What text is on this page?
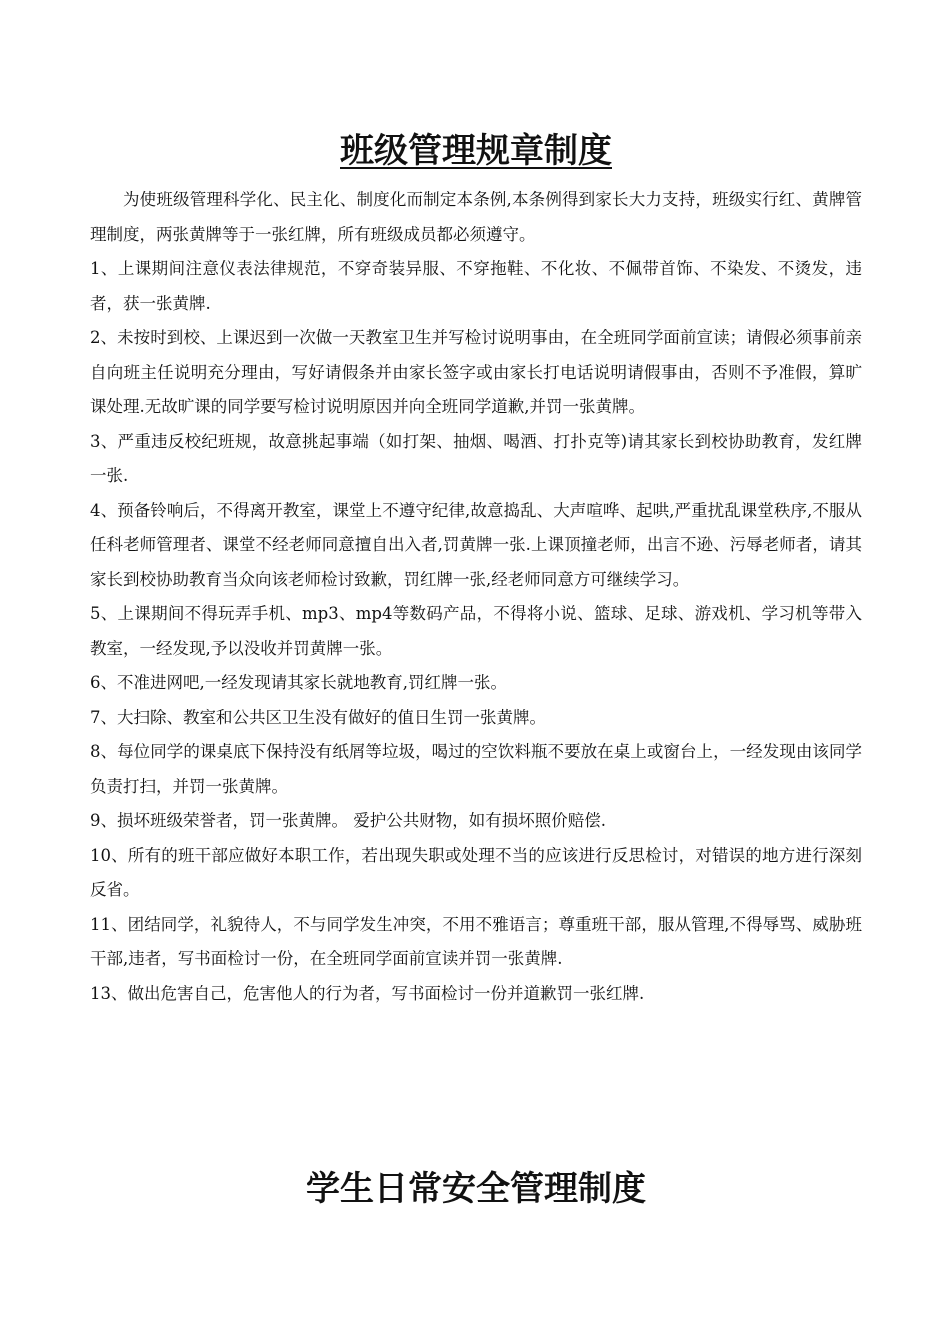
班级管理规章制度

为使班级管理科学化、民主化、制度化而制定本条例,本条例得到家长大力支持，班级实行红、黄牌管理制度，两张黄牌等于一张红牌，所有班级成员都必须遵守。

1、上课期间注意仪表法律规范，不穿奇装异服、不穿拖鞋、不化妆、不佩带首饰、不染发、不烫发，违者，获一张黄牌.

2、未按时到校、上课迟到一次做一天教室卫生并写检讨说明事由，在全班同学面前宣读；请假必须事前亲自向班主任说明充分理由，写好请假条并由家长签字或由家长打电话说明请假事由，否则不予准假，算旷课处理.无故旷课的同学要写检讨说明原因并向全班同学道歉,并罚一张黄牌。

3、严重违反校纪班规，故意挑起事端（如打架、抽烟、喝酒、打扑克等)请其家长到校协助教育，发红牌一张.

4、预备铃响后，不得离开教室，课堂上不遵守纪律,故意捣乱、大声喧哗、起哄,严重扰乱课堂秩序,不服从任科老师管理者、课堂不经老师同意擅自出入者,罚黄牌一张.上课顶撞老师，出言不逊、污辱老师者，请其家长到校协助教育当众向该老师检讨致歉，罚红牌一张,经老师同意方可继续学习。

5、上课期间不得玩弄手机、mp3、mp4等数码产品，不得将小说、篮球、足球、游戏机、学习机等带入教室，一经发现,予以没收并罚黄牌一张。

6、不准进网吧,一经发现请其家长就地教育,罚红牌一张。

7、大扫除、教室和公共区卫生没有做好的值日生罚一张黄牌。

8、每位同学的课桌底下保持没有纸屑等垃圾，喝过的空饮料瓶不要放在桌上或窗台上，一经发现由该同学负责打扫，并罚一张黄牌。

9、损坏班级荣誉者，罚一张黄牌。 爱护公共财物，如有损坏照价赔偿.

10、所有的班干部应做好本职工作，若出现失职或处理不当的应该进行反思检讨，对错误的地方进行深刻反省。

11、团结同学，礼貌待人，不与同学发生冲突，不用不雅语言；尊重班干部，服从管理,不得辱骂、威胁班干部,违者，写书面检讨一份，在全班同学面前宣读并罚一张黄牌.

13、做出危害自己，危害他人的行为者，写书面检讨一份并道歉罚一张红牌.

学生日常安全管理制度
